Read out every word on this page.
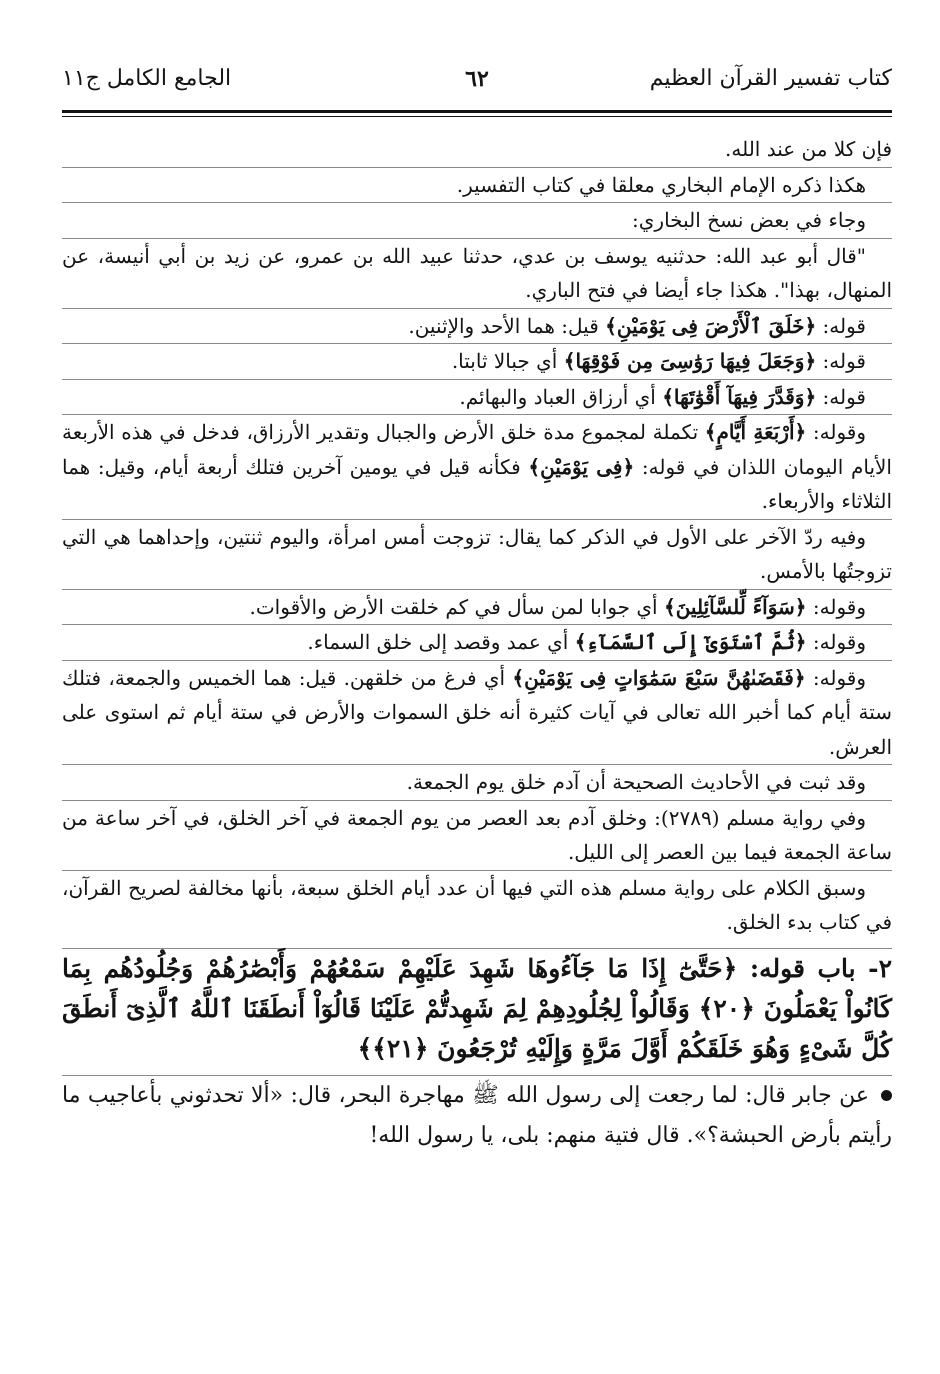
كتاب تفسير القرآن العظيم
٦٢
الجامع الكامل ج١١

فإن كلا من عند الله.

هكذا ذكره الإمام البخاري معلقا في كتاب التفسير.

وجاء في بعض نسخ البخاري:

"قال أبو عبد الله: حدثنيه يوسف بن عدي، حدثنا عبيد الله بن عمرو، عن زيد بن أبي أنيسة، عن المنهال، بهذا". هكذا جاء أيضا في فتح الباري.

قوله: ﴿خَلَقَ ٱلْأَرْضَ فِى يَوْمَيْنِ﴾ قيل: هما الأحد والإثنين.

قوله: ﴿وَجَعَلَ فِيهَا رَوَٰسِىَ مِن فَوْقِهَا﴾ أي جبالا ثابتا.

قوله: ﴿وَقَدَّرَ فِيهَآ أَقْوَٰتَهَا﴾ أي أرزاق العباد والبهائم.

وقوله: ﴿أَرْبَعَةِ أَيَّامٍ﴾ تكملة لمجموع مدة خلق الأرض والجبال وتقدير الأرزاق، فدخل في هذه الأربعة الأيام اليومان اللذان في قوله: ﴿فِى يَوْمَيْنِ﴾ فكأنه قيل في يومين آخرين فتلك أربعة أيام، وقيل: هما الثلاثاء والأربعاء.

وفيه ردّ الآخر على الأول في الذكر كما يقال: تزوجت أمس امرأة، واليوم ثنتين، وإحداهما هي التي تزوجتُها بالأمس.

وقوله: ﴿سَوَآءً لِّلسَّآئِلِينَ﴾ أي جوابا لمن سأل في كم خلقت الأرض والأقوات.

وقوله: ﴿ثُمَّ ٱسْتَوَىٰٓ إِلَى ٱلسَّمَآءِ﴾ أي عمد وقصد إلى خلق السماء.

وقوله: ﴿فَقَضَىٰهُنَّ سَبْعَ سَمَٰوَاتٍ فِى يَوْمَيْنِ﴾ أي فرغ من خلقهن. قيل: هما الخميس والجمعة، فتلك ستة أيام كما أخبر الله تعالى في آيات كثيرة أنه خلق السموات والأرض في ستة أيام ثم استوى على العرش.

وقد ثبت في الأحاديث الصحيحة أن آدم خلق يوم الجمعة.

وفي رواية مسلم (٢٧٨٩): وخلق آدم بعد العصر من يوم الجمعة في آخر الخلق، في آخر ساعة من ساعة الجمعة فيما بين العصر إلى الليل.

وسبق الكلام على رواية مسلم هذه التي فيها أن عدد أيام الخلق سبعة، بأنها مخالفة لصريح القرآن، في كتاب بدء الخلق.

٢- باب قوله: ﴿حَتَّىٰٓ إِذَا مَا جَآءُوهَا شَهِدَ عَلَيْهِمْ سَمْعُهُمْ وَأَبْصَٰرُهُمْ وَجُلُودُهُم بِمَا كَانُواْ يَعْمَلُونَ ﴿٢٠﴾ وَقَالُواْ لِجُلُودِهِمْ لِمَ شَهِدتُّمْ عَلَيْنَا قَالُوٓاْ أَنطَقَنَا ٱللَّهُ ٱلَّذِىٓ أَنطَقَ كُلَّ شَىْءٍ وَهُوَ خَلَقَكُمْ أَوَّلَ مَرَّةٍ وَإِلَيْهِ تُرْجَعُونَ ﴿٢١﴾﴾
عن جابر قال: لما رجعت إلى رسول الله ﷺ مهاجرة البحر، قال: «ألا تحدثوني بأعاجيب ما رأيتم بأرض الحبشة؟». قال فتية منهم: بلى، يا رسول الله!
